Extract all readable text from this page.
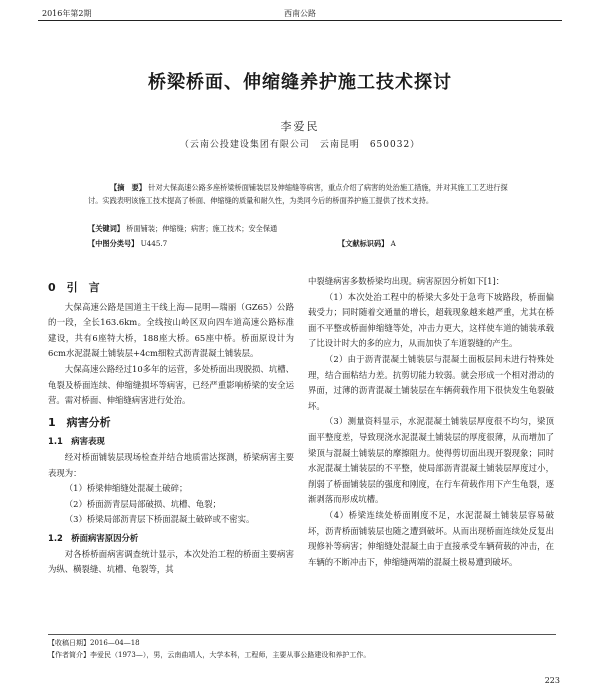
2016年第2期	西南公路
桥梁桥面、伸缩缝养护施工技术探讨
李爱民
（云南公投建设集团有限公司　云南昆明　650032）
【摘　要】 针对大保高速公路多座桥梁桥面铺装层及伸缩缝等病害，重点介绍了病害的处治施工措施，并对其施工工艺进行探讨。实践表明该施工技术提高了桥面、伸缩缝的质量和耐久性，为类同今后的桥面养护施工提供了技术支持。
【关键词】 桥面铺装；伸缩缝；病害；施工技术；安全保通
【中图分类号】 U445.7	【文献标识码】 A
0　引　言

大保高速公路是国道主干线上海—昆明—瑞丽（GZ65）公路的一段，全长163.6km。全线按山岭区双向四车道高速公路标准建设，共有6座特大桥，188座大桥。65座中桥。桥面原设计为6cm水泥混凝土铺装层+4cm细粒式沥青混凝土铺装层。

大保高速公路经过10多年的运营，多处桥面出现脱损、坑槽、龟裂及桥面连续、伸缩缝损坏等病害，已经严重影响桥梁的安全运营。需对桥面、伸缩缝病害进行处治。

1　病害分析
1.1　病害表现

经对桥面铺装层现场检查并结合地质雷达探测，桥梁病害主要表现为：

（1）桥梁伸缩缝处混凝土破碎；

（2）桥面沥青层局部破损、坑槽、龟裂；

（3）桥梁局部沥青层下桥面混凝土破碎或不密实。

1.2　桥面病害原因分析

对各桥桥面病害调查统计显示，本次处治工程的桥面主要病害为纵、横裂缝、坑槽、龟裂等，其

中裂缝病害多数桥梁均出现。病害原因分析如下[1]：

（1）本次处治工程中的桥梁大多处于急弯下坡路段，桥面偏载受力；同时随着交通量的增长，超载现象越来越严重，尤其在桥面不平整或桥面伸缩缝等处，冲击力更大，这样使车道的铺装承载了比设计时大的多的应力，从而加快了车道裂缝的产生。

（2）由于沥青混凝土铺装层与混凝土面板层间未进行特殊处理，结合面粘结力差。抗剪切能力较弱。就会形成一个相对滑动的界面，过薄的沥青混凝土铺装层在车辆荷载作用下很快发生龟裂破坏。

（3）测量资料显示，水泥混凝土铺装层厚度很不均匀，梁顶面平整度差，导致现浇水泥混凝土铺装层的厚度很薄，从而增加了梁顶与混凝土铺装层的摩擦阻力。使得剪切面出现开裂现象；同时水泥混凝土铺装层的不平整，使局部沥青混凝土铺装层厚度过小，削弱了桥面铺装层的强度和刚度，在行车荷载作用下产生龟裂，逐渐剥落而形成坑槽。

（4）桥梁连续处桥面刚度不足，水泥混凝土铺装层容易破坏，沥青桥面铺装层也随之遭到破坏。从而出现桥面连续处反复出现修补等病害；伸缩缝处混凝土由于直接承受车辆荷载的冲击，在车辆的不断冲击下，伸缩缝两端的混凝土极易遭到破坏。

【收稿日期】2016—04—18
【作者简介】李爱民（1973—），男，云南曲靖人，大学本科，工程师，主要从事公路建设和养护工作。
223
